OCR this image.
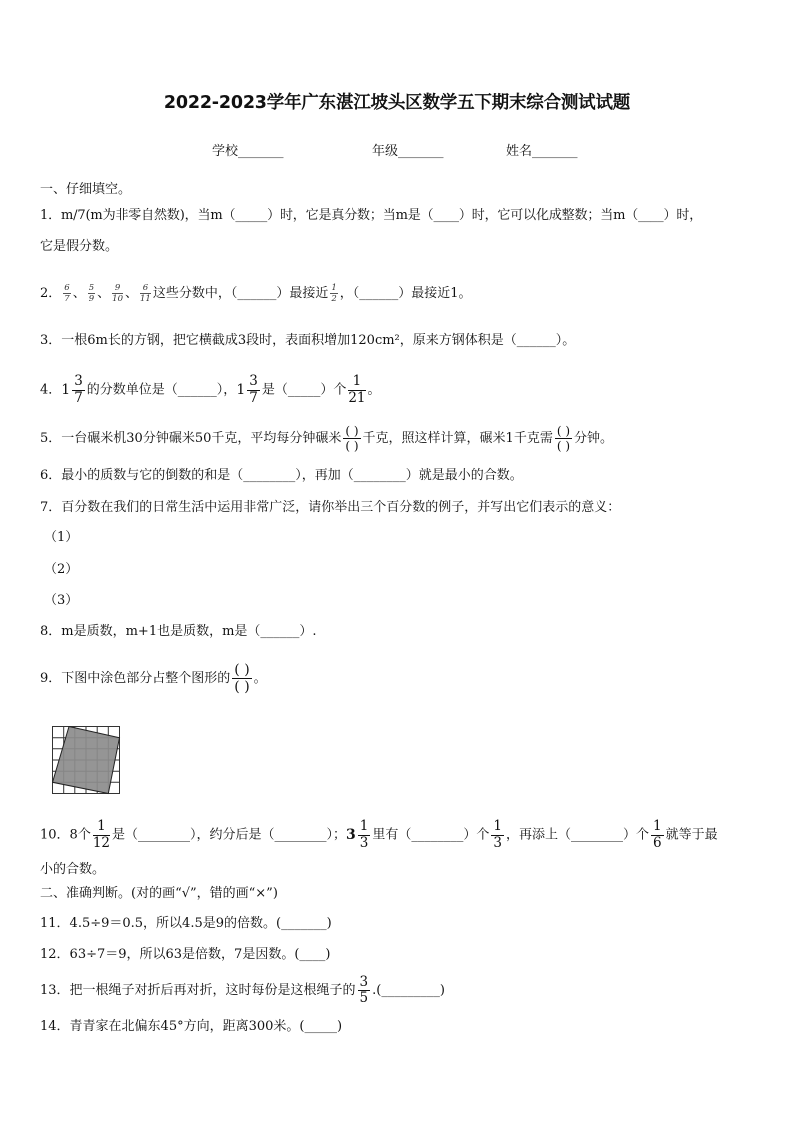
2022-2023学年广东湛江坡头区数学五下期末综合测试试题
学校_______	年级_______	姓名_______
一、仔细填空。
1．m/7(m为非零自然数)，当m（_____）时，它是真分数；当m是（____）时，它可以化成整数；当m（____）时，
它是假分数。
2． $\frac{6}{7}$ 、 $\frac{5}{9}$ 、 $\frac{9}{10}$ 、 $\frac{6}{11}$ 这些分数中，（______）最接近 $\frac{1}{2}$ ，（______）最接近1。
3．一根6m长的方钢，把它横截成3段时，表面积增加120cm²，原来方钢体积是（______）。
4．$1 \frac{3}{7}$ 的分数单位是（______），$1 \frac{3}{7}$ 是（_____）个 $\frac{1}{21}$ 。
5．一台碾米机30分钟碾米50千克，平均每分钟碾米 $\frac{( )}{( )}$ 千克，照这样计算，碾米1千克需 $\frac{( )}{( )}$ 分钟。
6．最小的质数与它的倒数的和是（________），再加（________）就是最小的合数。
7．百分数在我们的日常生活中运用非常广泛，请你举出三个百分数的例子，并写出它们表示的意义：
（1）
（2）
（3）
8．m是质数，m+1也是质数，m是（______）.
9．下图中涂色部分占整个图形的 $\frac{( )}{( )}$ 。
10．8个 $\frac{1}{12}$ 是（________），约分后是（________）；$3 \frac{1}{3}$ 里有（________）个 $\frac{1}{3}$ ，再添上（________）个 $\frac{1}{6}$ 就等于最
小的合数。
二、准确判断。(对的画“√”，错的画“×”)
11．4.5÷9＝0.5，所以4.5是9的倍数。(_______)
12．63÷7＝9，所以63是倍数，7是因数。(____)
13．把一根绳子对折后再对折，这时每份是这根绳子的 $\frac{3}{5}$ .(_________)
14．青青家在北偏东45°方向，距离300米。(_____)
